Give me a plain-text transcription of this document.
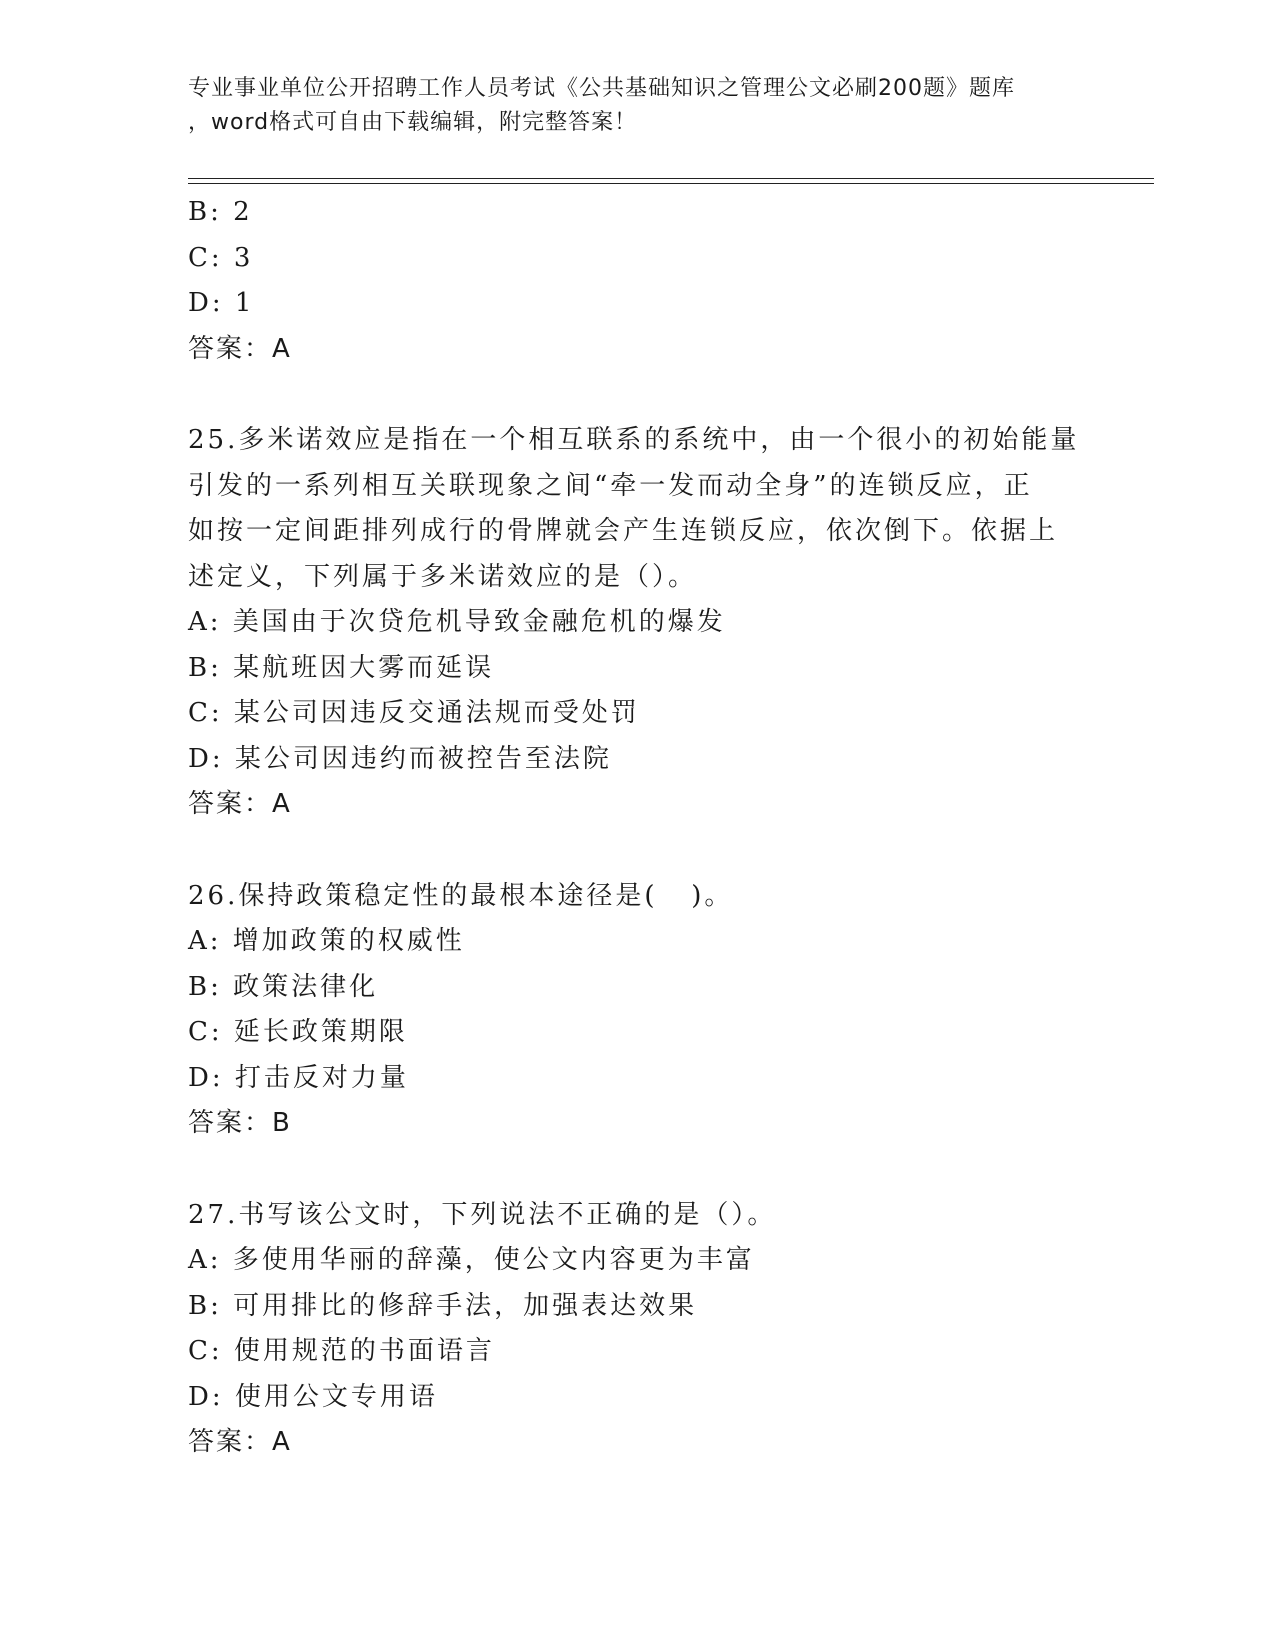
专业事业单位公开招聘工作人员考试《公共基础知识之管理公文必刷200题》题库
，word格式可自由下载编辑，附完整答案！
B: 2
C: 3
D: 1
答案：A
25.多米诺效应是指在一个相互联系的系统中，由一个很小的初始能量
引发的一系列相互关联现象之间“牵一发而动全身”的连锁反应，正
如按一定间距排列成行的骨牌就会产生连锁反应，依次倒下。依据上
述定义，下列属于多米诺效应的是（）。
A: 美国由于次贷危机导致金融危机的爆发
B: 某航班因大雾而延误
C: 某公司因违反交通法规而受处罚
D: 某公司因违约而被控告至法院
答案：A
26.保持政策稳定性的最根本途径是(   )。
A: 增加政策的权威性
B: 政策法律化
C: 延长政策期限
D: 打击反对力量
答案：B
27.书写该公文时，下列说法不正确的是（）。
A: 多使用华丽的辞藻，使公文内容更为丰富
B: 可用排比的修辞手法，加强表达效果
C: 使用规范的书面语言
D: 使用公文专用语
答案：A
